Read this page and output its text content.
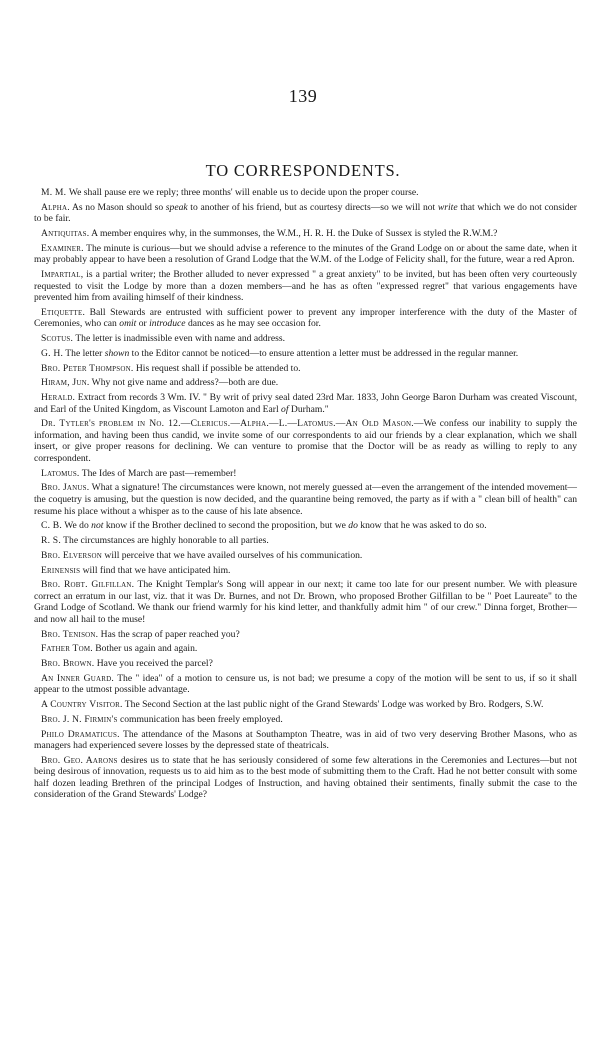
139
TO CORRESPONDENTS.

M. M. We shall pause ere we reply; three months' will enable us to decide upon the proper course.

Alpha. As no Mason should so speak to another of his friend, but as courtesy directs—so we will not write that which we do not consider to be fair.

Antiquitas. A member enquires why, in the summonses, the W.M., H. R. H. the Duke of Sussex is styled the R.W.M.?

Examiner. The minute is curious—but we should advise a reference to the minutes of the Grand Lodge on or about the same date, when it may probably appear to have been a resolution of Grand Lodge that the W.M. of the Lodge of Felicity shall, for the future, wear a red Apron.

Impartial, is a partial writer; the Brother alluded to never expressed " a great anxiety" to be invited, but has been often very courteously requested to visit the Lodge by more than a dozen members—and he has as often "expressed regret" that various engagements have prevented him from availing himself of their kindness.

Etiquette. Ball Stewards are entrusted with sufficient power to prevent any improper interference with the duty of the Master of Ceremonies, who can omit or introduce dances as he may see occasion for.

Scotus. The letter is inadmissible even with name and address.

G. H. The letter shown to the Editor cannot be noticed—to ensure attention a letter must be addressed in the regular manner.

Bro. Peter Thompson. His request shall if possible be attended to.

Hiram, Jun. Why not give name and address?—both are due.

Herald. Extract from records 3 Wm. IV. " By writ of privy seal dated 23rd Mar. 1833, John George Baron Durham was created Viscount, and Earl of the United Kingdom, as Viscount Lamoton and Earl of Durham."

Dr. Tytler's problem in No. 12.—Clericus.—Alpha.—L.—Latomus.—An Old Mason.—We confess our inability to supply the information, and having been thus candid, we invite some of our correspondents to aid our friends by a clear explanation, which we shall insert, or give proper reasons for declining. We can venture to promise that the Doctor will be as ready as willing to reply to any correspondent.

Latomus. The Ides of March are past—remember!

Bro. Janus. What a signature! The circumstances were known, not merely guessed at—even the arrangement of the intended movement—the coquetry is amusing, but the question is now decided, and the quarantine being removed, the party as if with a " clean bill of health" can resume his place without a whisper as to the cause of his late absence.

C. B. We do not know if the Brother declined to second the proposition, but we do know that he was asked to do so.

R. S. The circumstances are highly honorable to all parties.

Bro. Elverson will perceive that we have availed ourselves of his communication.

Erinensis will find that we have anticipated him.

Bro. Robt. Gilfillan. The Knight Templar's Song will appear in our next; it came too late for our present number. We with pleasure correct an erratum in our last, viz. that it was Dr. Burnes, and not Dr. Brown, who proposed Brother Gilfillan to be " Poet Laureate" to the Grand Lodge of Scotland. We thank our friend warmly for his kind letter, and thankfully admit him " of our crew." Dinna forget, Brother—and now all hail to the muse!

Bro. Tenison. Has the scrap of paper reached you?

Father Tom. Bother us again and again.

Bro. Brown. Have you received the parcel?

An Inner Guard. The " idea" of a motion to censure us, is not bad; we presume a copy of the motion will be sent to us, if so it shall appear to the utmost possible advantage.

A Country Visitor. The Second Section at the last public night of the Grand Stewards' Lodge was worked by Bro. Rodgers, S.W.

Bro. J. N. Firmin's communication has been freely employed.

Philo Dramaticus. The attendance of the Masons at Southampton Theatre, was in aid of two very deserving Brother Masons, who as managers had experienced severe losses by the depressed state of theatricals.

Bro. Geo. Aarons desires us to state that he has seriously considered of some few alterations in the Ceremonies and Lectures—but not being desirous of innovation, requests us to aid him as to the best mode of submitting them to the Craft. Had he not better consult with some half dozen leading Brethren of the principal Lodges of Instruction, and having obtained their sentiments, finally submit the case to the consideration of the Grand Stewards' Lodge?
